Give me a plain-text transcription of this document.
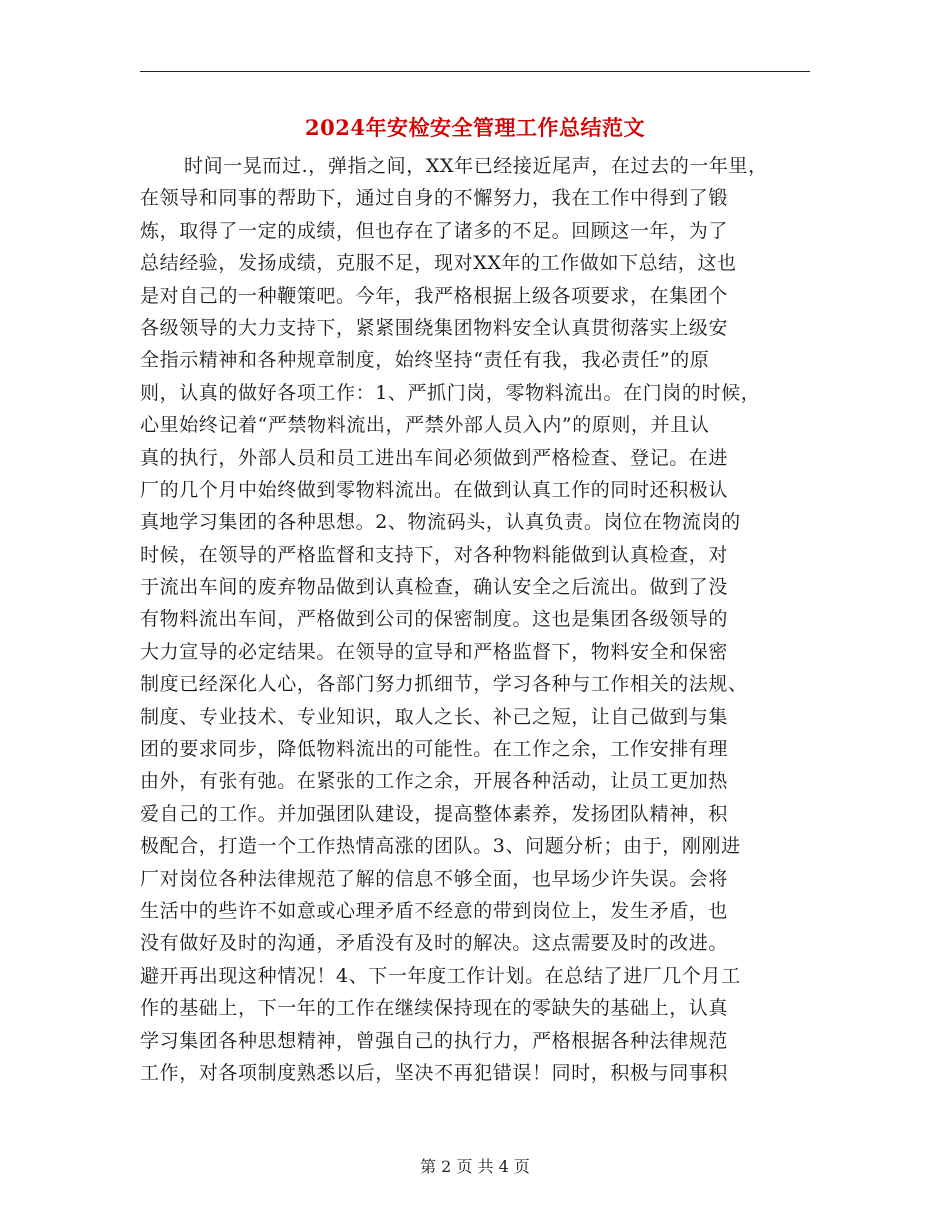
2024年安检安全管理工作总结范文
时间一晃而过.，弹指之间，XX年已经接近尾声，在过去的一年里，
在领导和同事的帮助下，通过自身的不懈努力，我在工作中得到了锻
炼，取得了一定的成绩，但也存在了诸多的不足。回顾这一年，为了
总结经验，发扬成绩，克服不足，现对XX年的工作做如下总结，这也
是对自己的一种鞭策吧。今年，我严格根据上级各项要求，在集团个
各级领导的大力支持下，紧紧围绕集团物料安全认真贯彻落实上级安
全指示精神和各种规章制度，始终坚持“责任有我，我必责任”的原
则，认真的做好各项工作：1、严抓门岗，零物料流出。在门岗的时候，
心里始终记着“严禁物料流出，严禁外部人员入内”的原则，并且认
真的执行，外部人员和员工进出车间必须做到严格检查、登记。在进
厂的几个月中始终做到零物料流出。在做到认真工作的同时还积极认
真地学习集团的各种思想。2、物流码头，认真负责。岗位在物流岗的
时候，在领导的严格监督和支持下，对各种物料能做到认真检查，对
于流出车间的废弃物品做到认真检查，确认安全之后流出。做到了没
有物料流出车间，严格做到公司的保密制度。这也是集团各级领导的
大力宣导的必定结果。在领导的宣导和严格监督下，物料安全和保密
制度已经深化人心，各部门努力抓细节，学习各种与工作相关的法规、
制度、专业技术、专业知识，取人之长、补己之短，让自己做到与集
团的要求同步，降低物料流出的可能性。在工作之余，工作安排有理
由外，有张有弛。在紧张的工作之余，开展各种活动，让员工更加热
爱自己的工作。并加强团队建设，提高整体素养，发扬团队精神，积
极配合，打造一个工作热情高涨的团队。3、问题分析；由于，刚刚进
厂对岗位各种法律规范了解的信息不够全面，也早场少许失误。会将
生活中的些许不如意或心理矛盾不经意的带到岗位上，发生矛盾，也
没有做好及时的沟通，矛盾没有及时的解决。这点需要及时的改进。
避开再出现这种情况！4、下一年度工作计划。在总结了进厂几个月工
作的基础上，下一年的工作在继续保持现在的零缺失的基础上，认真
学习集团各种思想精神，曾强自己的执行力，严格根据各种法律规范
工作，对各项制度熟悉以后，坚决不再犯错误！同时，积极与同事积
第 2 页 共 4 页
